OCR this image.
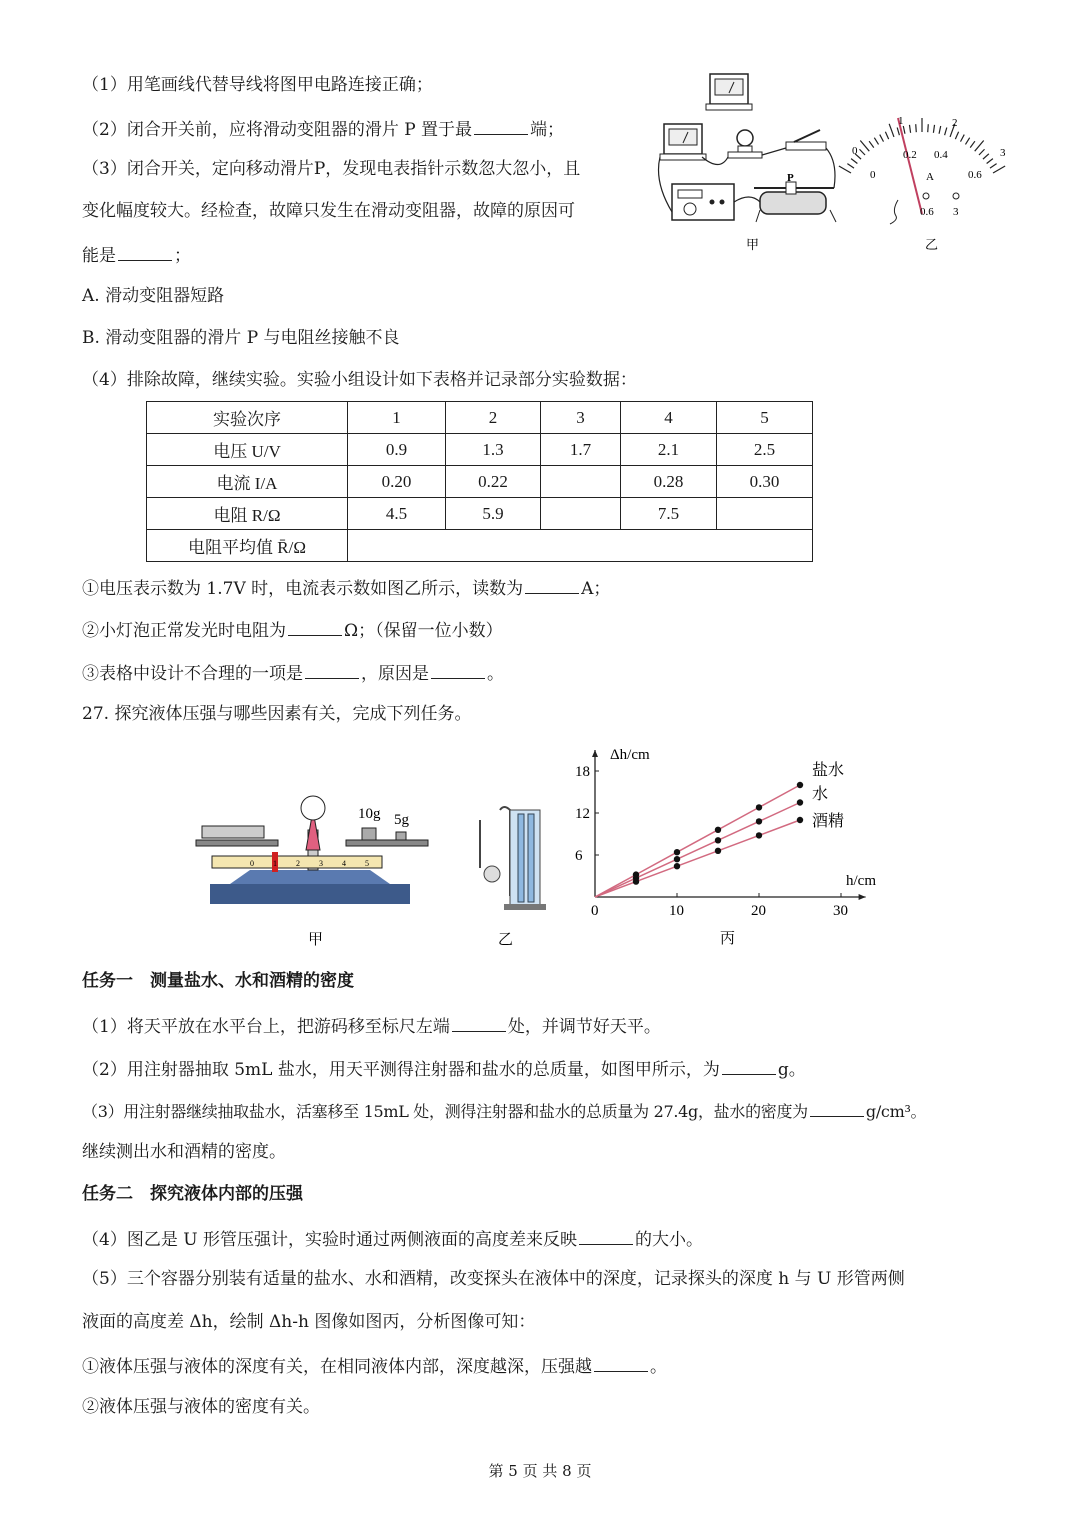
（1）用笔画线代替导线将图甲电路连接正确；
（2）闭合开关前，应将滑动变阻器的滑片 P 置于最	端；
（3）闭合开关，定向移动滑片P，发现电表指针示数忽大忽小，且
变化幅度较大。经检查，故障只发生在滑动变阻器，故障的原因可
能是	；
A. 滑动变阻器短路
B. 滑动变阻器的滑片 P 与电阻丝接触不良
（4）排除故障，继续实验。实验小组设计如下表格并记录部分实验数据：
P
甲
A
0.6 3
0
1	2
3
0
0.2 0.4
0.6
乙
实验次序	1	2	3	4	5
电压 U/V	0.9	1.3	1.7	2.1	2.5
电流 I/A	0.20	0.22		0.28	0.30
电阻 R/Ω	4.5	5.9		7.5	
电阻平均值 R̄/Ω					
①电压表示数为 1.7V 时，电流表示数如图乙所示，读数为	A；
②小灯泡正常发光时电阻为	Ω；（保留一位小数）
③表格中设计不合理的一项是	，原因是	。
27. 探究液体压强与哪些因素有关，完成下列任务。
0 1 2 3 4 5
10g 5g
甲	乙
0	10	20	30
6
12
18
Δh/cm
h/cm
盐水
水
酒精
丙
任务一　测量盐水、水和酒精的密度
（1）将天平放在水平台上，把游码移至标尺左端	处，并调节好天平。
（2）用注射器抽取 5mL 盐水，用天平测得注射器和盐水的总质量，如图甲所示，为	g。
（3）用注射器继续抽取盐水，活塞移至 15mL 处，测得注射器和盐水的总质量为 27.4g，盐水的密度为	g/cm³。
继续测出水和酒精的密度。
任务二　探究液体内部的压强
（4）图乙是 U 形管压强计，实验时通过两侧液面的高度差来反映	的大小。
（5）三个容器分别装有适量的盐水、水和酒精，改变探头在液体中的深度，记录探头的深度 h 与 U 形管两侧
液面的高度差 Δh，绘制 Δh-h 图像如图丙，分析图像可知：
①液体压强与液体的深度有关，在相同液体内部，深度越深，压强越	。
②液体压强与液体的密度有关。
第 5 页 共 8 页
